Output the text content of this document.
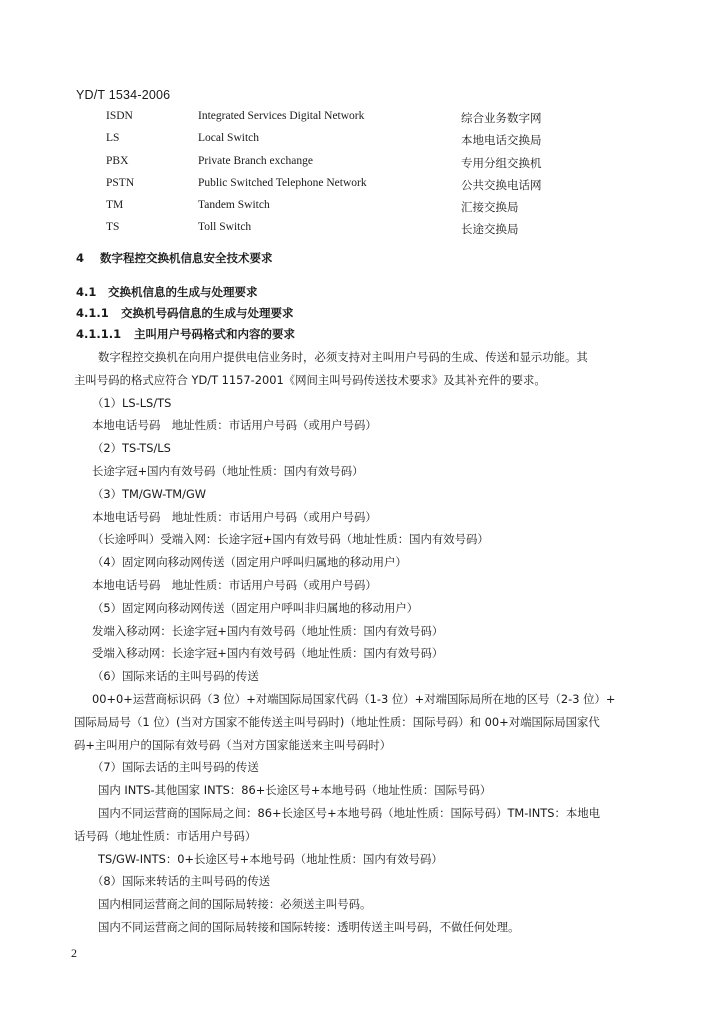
YD/T 1534-2006
ISDN	Integrated Services Digital Network	综合业务数字网
LS	Local Switch	本地电话交换局
PBX	Private Branch exchange	专用分组交换机
PSTN	Public Switched Telephone Network	公共交换电话网
TM	Tandem Switch	汇接交换局
TS	Toll Switch	长途交换局
4 数字程控交换机信息安全技术要求
4.1 交换机信息的生成与处理要求
4.1.1 交换机号码信息的生成与处理要求
4.1.1.1 主叫用户号码格式和内容的要求

数字程控交换机在向用户提供电信业务时，必须支持对主叫用户号码的生成、传送和显示功能。其

主叫号码的格式应符合 YD/T 1157-2001《网间主叫号码传送技术要求》及其补充件的要求。

（1）LS-LS/TS

本地电话号码　地址性质：市话用户号码（或用户号码）

（2）TS-TS/LS

长途字冠+国内有效号码（地址性质：国内有效号码）

（3）TM/GW-TM/GW

本地电话号码　地址性质：市话用户号码（或用户号码）

（长途呼叫）受端入网：长途字冠+国内有效号码（地址性质：国内有效号码）

（4）固定网向移动网传送（固定用户呼叫归属地的移动用户）

本地电话号码　地址性质：市话用户号码（或用户号码）

（5）固定网向移动网传送（固定用户呼叫非归属地的移动用户）

发端入移动网：长途字冠+国内有效号码（地址性质：国内有效号码）

受端入移动网：长途字冠+国内有效号码（地址性质：国内有效号码）

（6）国际来话的主叫号码的传送

00+0+运营商标识码（3 位）+对端国际局国家代码（1-3 位）+对端国际局所在地的区号（2-3 位）+

国际局局号（1 位）(当对方国家不能传送主叫号码时)（地址性质：国际号码）和 00+对端国际局国家代

码+主叫用户的国际有效号码（当对方国家能送来主叫号码时）

（7）国际去话的主叫号码的传送

国内 INTS-其他国家 INTS：86+长途区号+本地号码（地址性质：国际号码）

国内不同运营商的国际局之间：86+长途区号+本地号码（地址性质：国际号码）TM-INTS：本地电

话号码（地址性质：市话用户号码）

TS/GW-INTS：0+长途区号+本地号码（地址性质：国内有效号码）

（8）国际来转话的主叫号码的传送

国内相同运营商之间的国际局转接：必须送主叫号码。

国内不同运营商之间的国际局转接和国际转接：透明传送主叫号码，不做任何处理。

2
